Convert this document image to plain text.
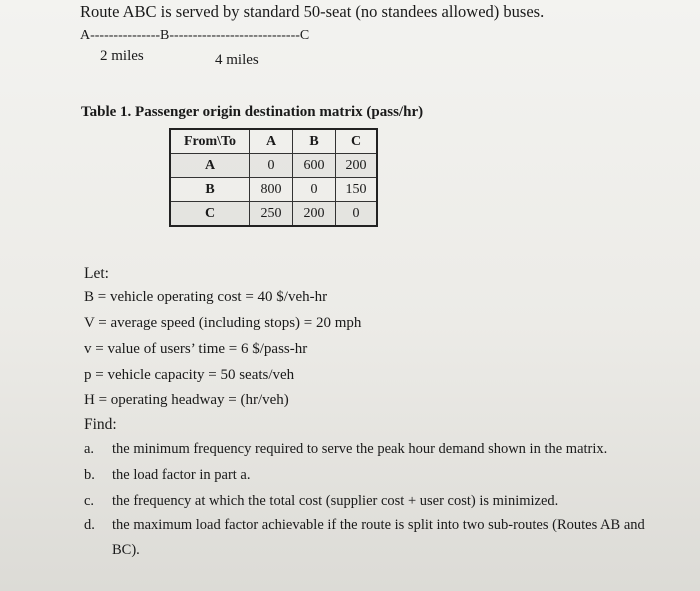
Route ABC is served by standard 50-seat (no standees allowed) buses.
A---------------B----------------------------C
2 miles	4 miles
Table 1. Passenger origin destination matrix (pass/hr)
From\To	A	B	C
A	0	600	200
B	800	0	150
C	250	200	0
Let:
B = vehicle operating cost = 40 $/veh-hr
V = average speed (including stops) = 20 mph
v = value of users’ time = 6 $/pass-hr
p = vehicle capacity = 50 seats/veh
H = operating headway = (hr/veh)
Find:
a. the minimum frequency required to serve the peak hour demand shown in the matrix.
b. the load factor in part a.
c. the frequency at which the total cost (supplier cost + user cost) is minimized.
d. the maximum load factor achievable if the route is split into two sub-routes (Routes AB and
BC).
